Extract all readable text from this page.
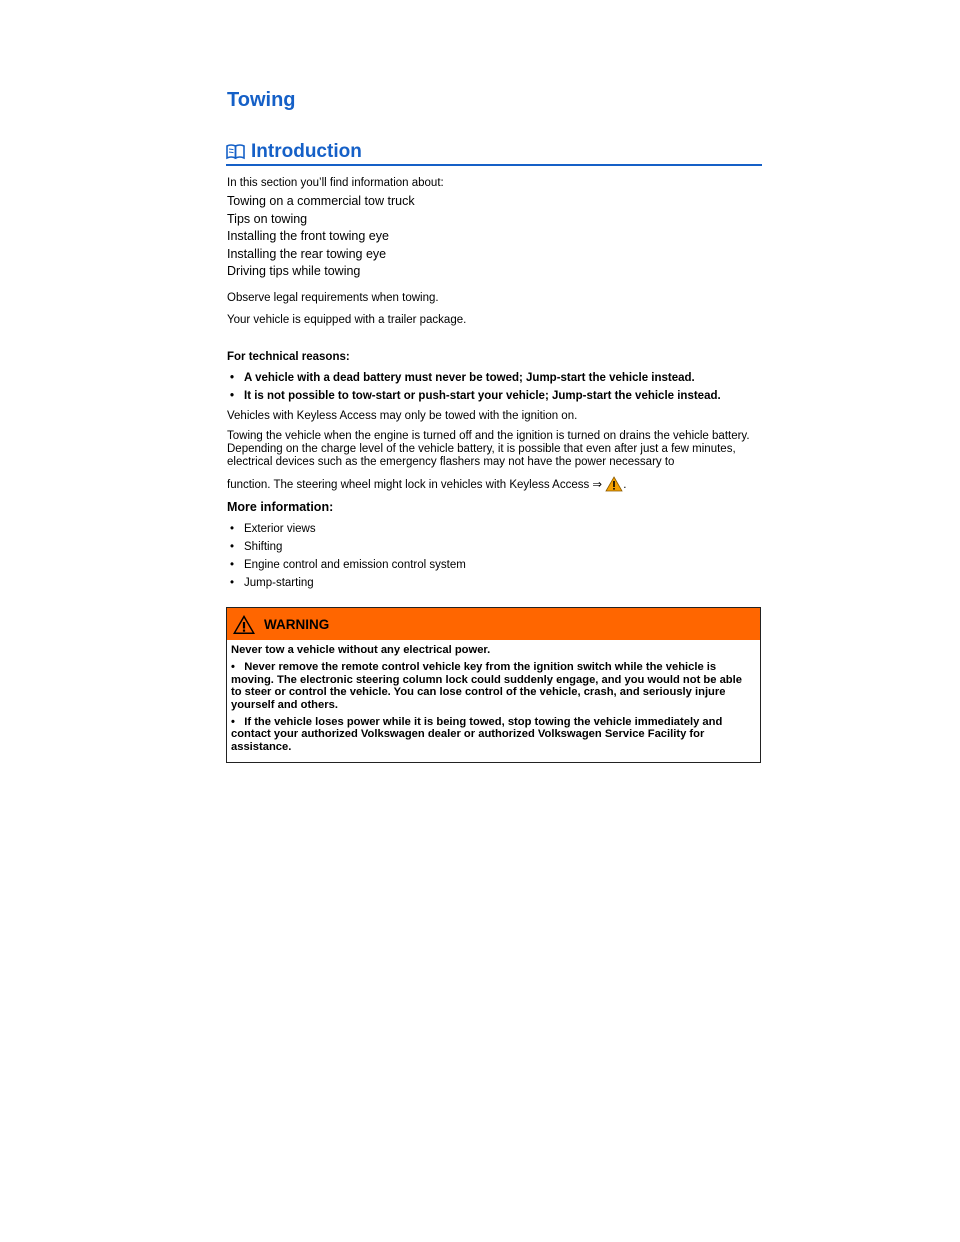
Towing
Introduction
In this section you’ll find information about:
Towing on a commercial tow truck
Tips on towing
Installing the front towing eye
Installing the rear towing eye
Driving tips while towing

Observe legal requirements when towing.

Your vehicle is equipped with a trailer package.

For technical reasons:
• A vehicle with a dead battery must never be towed; Jump-start the vehicle instead.
• It is not possible to tow-start or push-start your vehicle; Jump-start the vehicle instead.

Vehicles with Keyless Access may only be towed with the ignition on.

Towing the vehicle when the engine is turned off and the ignition is turned on drains the vehicle battery. Depending on the charge level of the vehicle battery, it is possible that even after just a few minutes, electrical devices such as the emergency flashers may not have the power necessary to

function. The steering wheel might lock in vehicles with Keyless Access ⇒ .

More information:
• Exterior views
• Shifting
• Engine control and emission control system
• Jump-starting
WARNING

Never tow a vehicle without any electrical power.

• Never remove the remote control vehicle key from the ignition switch while the vehicle is moving. The electronic steering column lock could suddenly engage, and you would not be able to steer or control the vehicle. You can lose control of the vehicle, crash, and seriously injure yourself and others.

• If the vehicle loses power while it is being towed, stop towing the vehicle immediately and contact your authorized Volkswagen dealer or authorized Volkswagen Service Facility for assistance.
